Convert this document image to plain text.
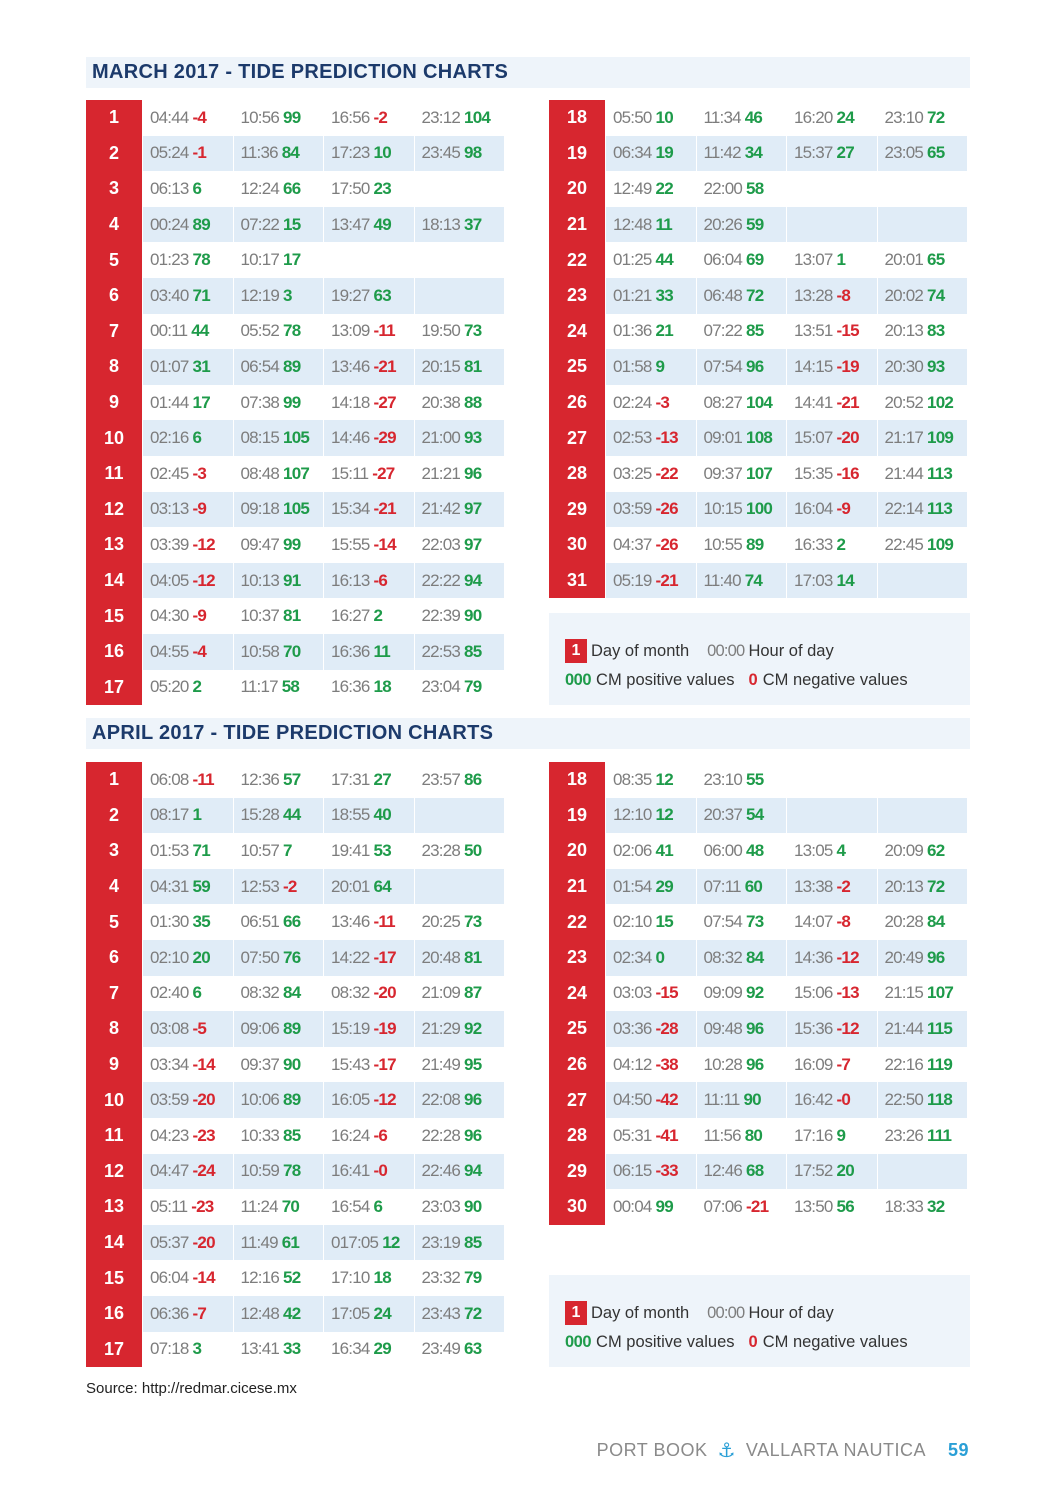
MARCH 2017 - TIDE PREDICTION CHARTS
1	04:44 -4 10:56 99 16:56 -2 23:12 104
2	05:24 -1 11:36 84 17:23 10 23:45 98
3	06:13 6 12:24 66 17:50 23
4	00:24 89 07:22 15 13:47 49 18:13 37
5	01:23 78 10:17 17
6	03:40 71 12:19 3 19:27 63
7	00:11 44 05:52 78 13:09 -11 19:50 73
8	01:07 31 06:54 89 13:46 -21 20:15 81
9	01:44 17 07:38 99 14:18 -27 20:38 88
10	02:16 6 08:15 105 14:46 -29 21:00 93
11	02:45 -3 08:48 107 15:11 -27 21:21 96
12	03:13 -9 09:18 105 15:34 -21 21:42 97
13	03:39 -12 09:47 99 15:55 -14 22:03 97
14	04:05 -12 10:13 91 16:13 -6 22:22 94
15	04:30 -9 10:37 81 16:27 2 22:39 90
16	04:55 -4 10:58 70 16:36 11 22:53 85
17	05:20 2 11:17 58 16:36 18 23:04 79
18	05:50 10 11:34 46 16:20 24 23:10 72
19	06:34 19 11:42 34 15:37 27 23:05 65
20	12:49 22 22:00 58
21	12:48 11 20:26 59
22	01:25 44 06:04 69 13:07 1 20:01 65
23	01:21 33 06:48 72 13:28 -8 20:02 74
24	01:36 21 07:22 85 13:51 -15 20:13 83
25	01:58 9 07:54 96 14:15 -19 20:30 93
26	02:24 -3 08:27 104 14:41 -21 20:52 102
27	02:53 -13 09:01 108 15:07 -20 21:17 109
28	03:25 -22 09:37 107 15:35 -16 21:44 113
29	03:59 -26 10:15 100 16:04 -9 22:14 113
30	04:37 -26 10:55 89 16:33 2 22:45 109
31	05:19 -21 11:40 74 17:03 14
1 Day of month 00:00 Hour of day
000 CM positive values 0 CM negative values
APRIL 2017 - TIDE PREDICTION CHARTS
1	06:08 -11 12:36 57 17:31 27 23:57 86
2	08:17 1 15:28 44 18:55 40
3	01:53 71 10:57 7 19:41 53 23:28 50
4	04:31 59 12:53 -2 20:01 64
5	01:30 35 06:51 66 13:46 -11 20:25 73
6	02:10 20 07:50 76 14:22 -17 20:48 81
7	02:40 6 08:32 84 08:32 -20 21:09 87
8	03:08 -5 09:06 89 15:19 -19 21:29 92
9	03:34 -14 09:37 90 15:43 -17 21:49 95
10	03:59 -20 10:06 89 16:05 -12 22:08 96
11	04:23 -23 10:33 85 16:24 -6 22:28 96
12	04:47 -24 10:59 78 16:41 -0 22:46 94
13	05:11 -23 11:24 70 16:54 6 23:03 90
14	05:37 -20 11:49 61 017:05 12 23:19 85
15	06:04 -14 12:16 52 17:10 18 23:32 79
16	06:36 -7 12:48 42 17:05 24 23:43 72
17	07:18 3 13:41 33 16:34 29 23:49 63
18	08:35 12 23:10 55
19	12:10 12 20:37 54
20	02:06 41 06:00 48 13:05 4 20:09 62
21	01:54 29 07:11 60 13:38 -2 20:13 72
22	02:10 15 07:54 73 14:07 -8 20:28 84
23	02:34 0 08:32 84 14:36 -12 20:49 96
24	03:03 -15 09:09 92 15:06 -13 21:15 107
25	03:36 -28 09:48 96 15:36 -12 21:44 115
26	04:12 -38 10:28 96 16:09 -7 22:16 119
27	04:50 -42 11:11 90 16:42 -0 22:50 118
28	05:31 -41 11:56 80 17:16 9 23:26 111
29	06:15 -33 12:46 68 17:52 20
30	00:04 99 07:06 -21 13:50 56 18:33 32
1 Day of month 00:00 Hour of day
000 CM positive values 0 CM negative values
Source: http://redmar.cicese.mx
PORT BOOK ⚓ VALLARTA NAUTICA 59
